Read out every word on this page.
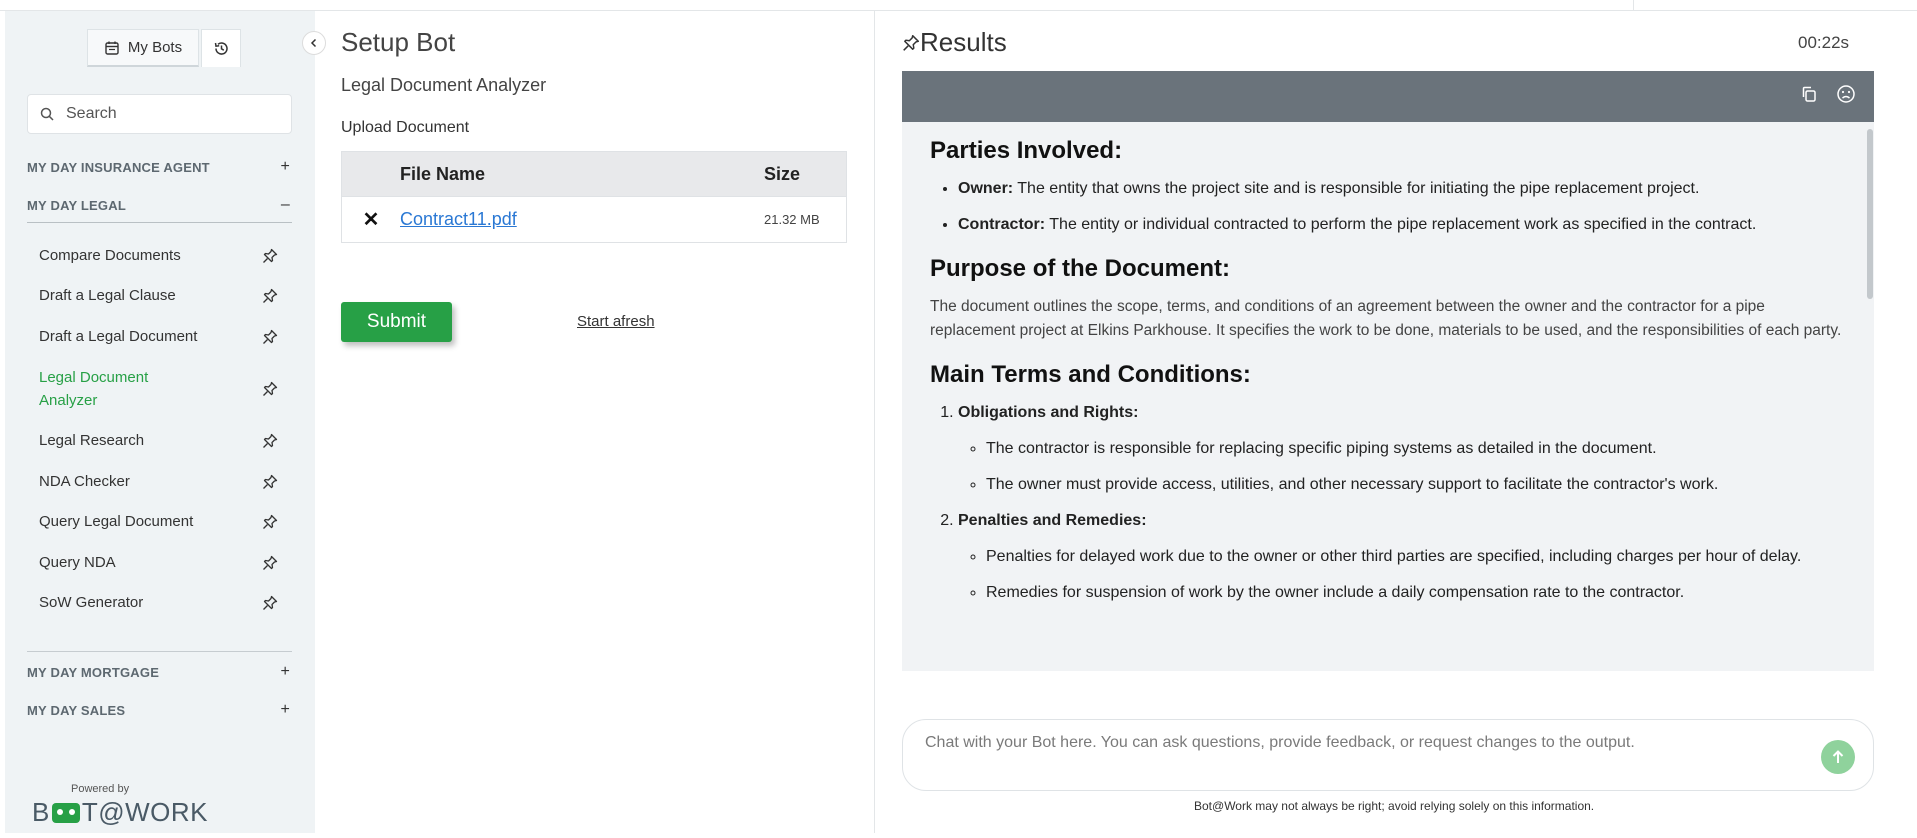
My Bots
Search
MY DAY INSURANCE AGENT	+
MY DAY LEGAL	–
Compare Documents
Draft a Legal Clause
Draft a Legal Document
Legal Document Analyzer
Legal Research
NDA Checker
Query Legal Document
Query NDA
SoW Generator
MY DAY MORTGAGE	+
MY DAY SALES	+
Powered by
B T@WORK
Setup Bot
Legal Document Analyzer
Upload Document
File Name	Size
✕ Contract11.pdf	21.32 MB
Submit	Start afresh
Results	00:22s
Parties Involved:
• Owner: The entity that owns the project site and is responsible for initiating the pipe replacement project.
• Contractor: The entity or individual contracted to perform the pipe replacement work as specified in the contract.
Purpose of the Document:

The document outlines the scope, terms, and conditions of an agreement between the owner and the contractor for a pipe replacement project at Elkins Parkhouse. It specifies the work to be done, materials to be used, and the responsibilities of each party.

Main Terms and Conditions:
1. Obligations and Rights:
◦ The contractor is responsible for replacing specific piping systems as detailed in the document.
◦ The owner must provide access, utilities, and other necessary support to facilitate the contractor's work.
2. Penalties and Remedies:
◦ Penalties for delayed work due to the owner or other third parties are specified, including charges per hour of delay.
◦ Remedies for suspension of work by the owner include a daily compensation rate to the contractor.
Chat with your Bot here. You can ask questions, provide feedback, or request changes to the output.
Bot@Work may not always be right; avoid relying solely on this information.
